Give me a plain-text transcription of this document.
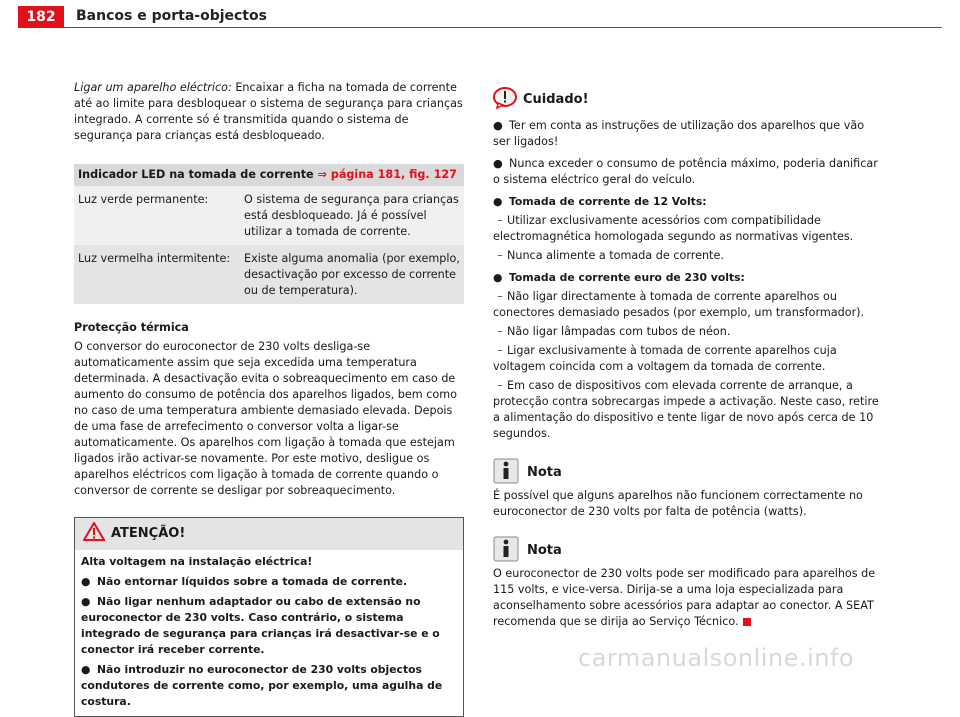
182	Bancos e porta-objectos

Ligar um aparelho eléctrico: Encaixar a ficha na tomada de corrente até ao limite para desbloquear o sistema de segurança para crianças integrado. A corrente só é transmitida quando o sistema de segurança para crianças está desbloqueado.

Indicador LED na tomada de corrente ⇒ página 181, fig. 127
Luz verde permanente:	O sistema de segurança para crianças está desbloqueado. Já é possível utilizar a tomada de corrente.
Luz vermelha intermitente:	Existe alguma anomalia (por exemplo, desactivação por excesso de corrente ou de temperatura).

Protecção térmica

O conversor do euroconector de 230 volts desliga-se automaticamente assim que seja excedida uma temperatura determinada. A desactivação evita o sobreaquecimento em caso de aumento do consumo de potência dos aparelhos ligados, bem como no caso de uma temperatura ambiente demasiado elevada. Depois de uma fase de arrefecimento o conversor volta a ligar-se automaticamente. Os aparelhos com ligação à tomada que estejam ligados irão activar-se novamente. Por este motivo, desligue os aparelhos eléctricos com ligação à tomada de corrente quando o conversor de corrente se desligar por sobreaquecimento.

ATENÇÃO!
Alta voltagem na instalação eléctrica!
● Não entornar líquidos sobre a tomada de corrente.
● Não ligar nenhum adaptador ou cabo de extensão no euroconector de 230 volts. Caso contrário, o sistema integrado de segurança para crianças irá desactivar-se e o conector irá receber corrente.
● Não introduzir no euroconector de 230 volts objectos condutores de corrente como, por exemplo, uma agulha de costura.
Cuidado!
● Ter em conta as instruções de utilização dos aparelhos que vão ser ligados!
● Nunca exceder o consumo de potência máximo, poderia danificar o sistema eléctrico geral do veículo.
● Tomada de corrente de 12 Volts:
– Utilizar exclusivamente acessórios com compatibilidade electromagnética homologada segundo as normativas vigentes.
– Nunca alimente a tomada de corrente.
● Tomada de corrente euro de 230 volts:
– Não ligar directamente à tomada de corrente aparelhos ou conectores demasiado pesados (por exemplo, um transformador).
– Não ligar lâmpadas com tubos de néon.
– Ligar exclusivamente à tomada de corrente aparelhos cuja voltagem coincida com a voltagem da tomada de corrente.
– Em caso de dispositivos com elevada corrente de arranque, a protecção contra sobrecargas impede a activação. Neste caso, retire a alimentação do dispositivo e tente ligar de novo após cerca de 10 segundos.
Nota

É possível que alguns aparelhos não funcionem correctamente no euroconector de 230 volts por falta de potência (watts).

Nota

O euroconector de 230 volts pode ser modificado para aparelhos de 115 volts, e vice-versa. Dirija-se a uma loja especializada para aconselhamento sobre acessórios para adaptar ao conector. A SEAT recomenda que se dirija ao Serviço Técnico.

carmanualsonline.info
